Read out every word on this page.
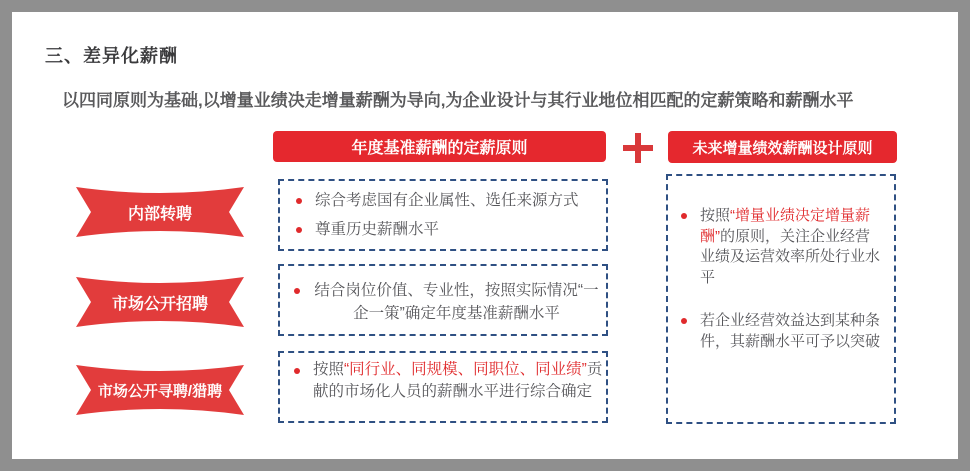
三、差异化薪酬

以四同原则为基础,以增量业绩决走增量薪酬为导向,为企业设计与其行业地位相匹配的定薪策略和薪酬水平

年度基准薪酬的定薪原则	未来增量绩效薪酬设计原则
内部转聘
市场公开招聘
市场公开寻聘/猎聘
综合考虑国有企业属性、选任来源方式
尊重历史薪酬水平
结合岗位价值、专业性，按照实际情况“一企一策”确定年度基准薪酬水平
按照“同行业、同规模、同职位、同业绩”贡献的市场化人员的薪酬水平进行综合确定
按照“增量业绩决定增量薪酬”的原则，关注企业经营业绩及运营效率所处行业水平
若企业经营效益达到某种条件，其薪酬水平可予以突破
